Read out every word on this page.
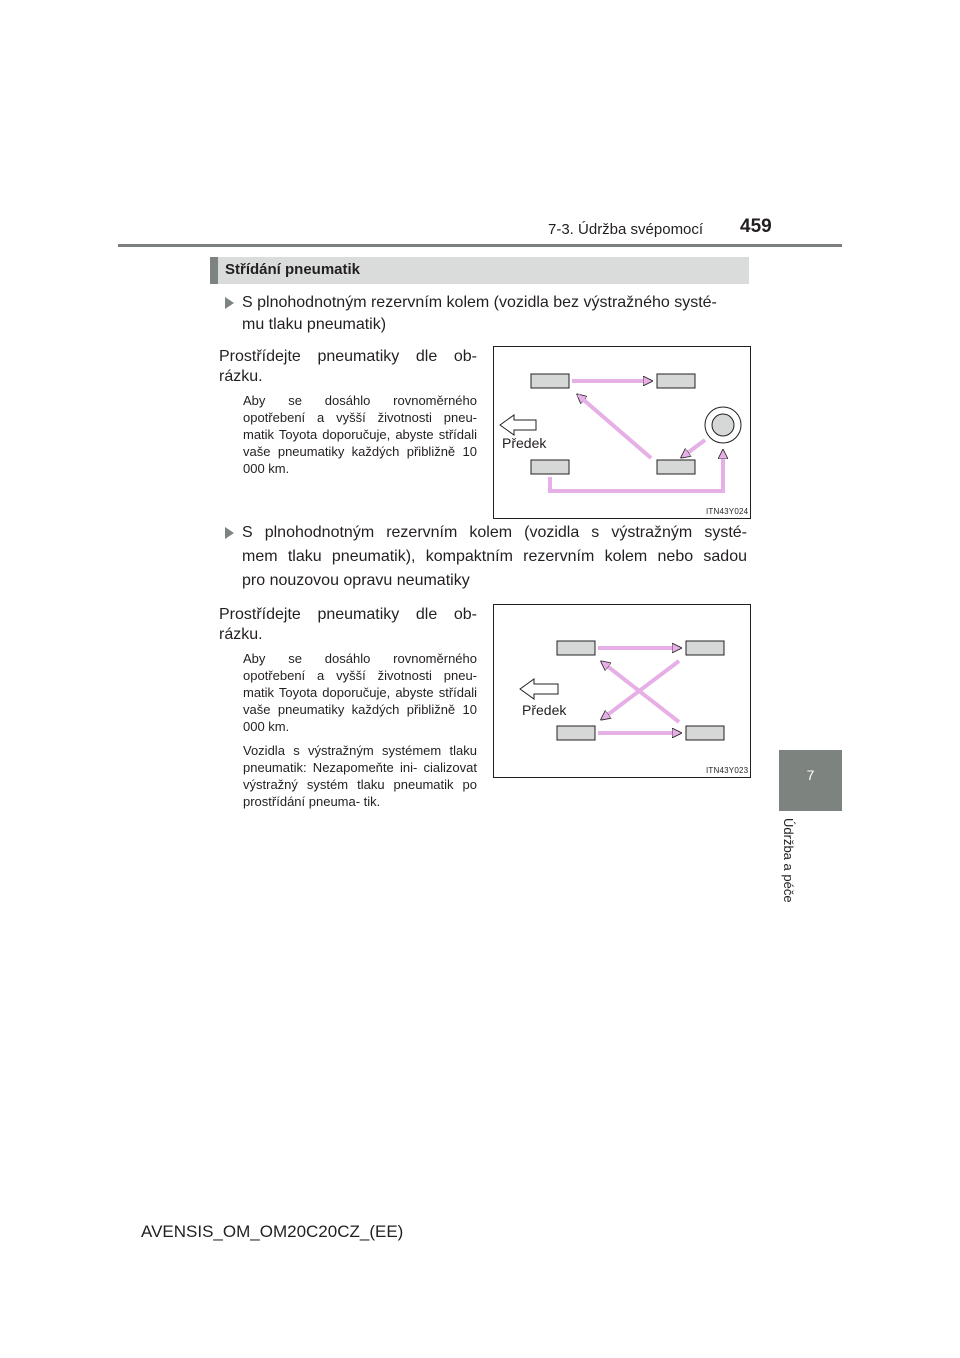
7-3. Údržba svépomocí 459
7
Údržba a péče
Střídání pneumatik
S plnohodnotným rezervním kolem (vozidla bez výstražného systé-
mu tlaku pneumatik)
Prostřídejte pneumatiky dle ob-
rázku.
Aby se dosáhlo rovnoměrného opotřebení a vyšší životnosti pneu- matik Toyota doporučuje, abyste střídali vaše pneumatiky každých přibližně 10 000 km.
Předek
ITN43Y024
S plnohodnotným rezervním kolem (vozidla s výstražným systé-
mem tlaku pneumatik), kompaktním rezervním kolem nebo sadou
pro nouzovou opravu neumatiky
Prostřídejte pneumatiky dle ob-
rázku.
Aby se dosáhlo rovnoměrného opotřebení a vyšší životnosti pneu- matik Toyota doporučuje, abyste střídali vaše pneumatiky každých přibližně 10 000 km.
Vozidla s výstražným systémem tlaku pneumatik: Nezapomeňte ini- cializovat výstražný systém tlaku pneumatik po prostřídání pneuma- tik.
Předek
ITN43Y023
AVENSIS_OM_OM20C20CZ_(EE)
